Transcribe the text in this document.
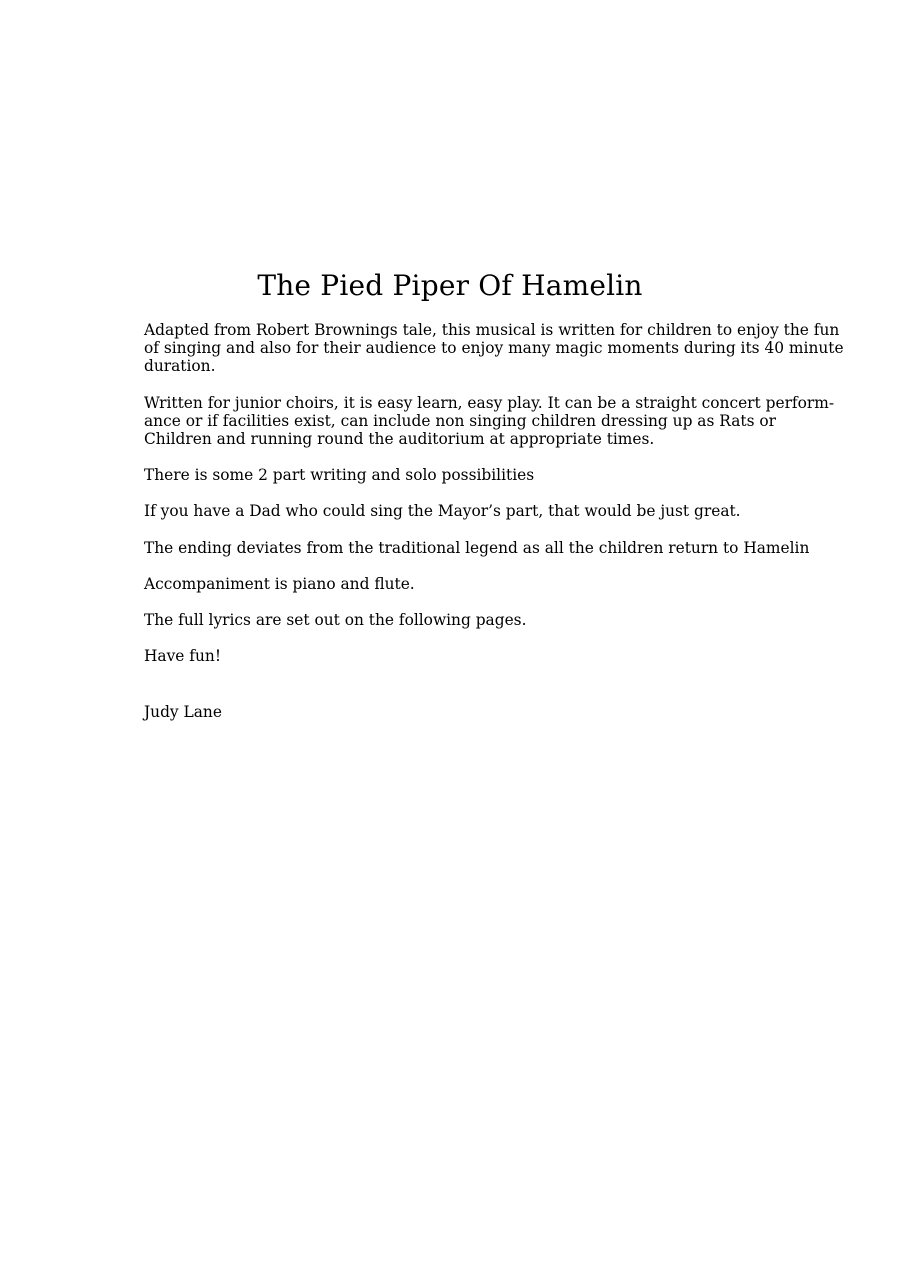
The Pied Piper Of Hamelin

Adapted from Robert Brownings tale, this musical is written for children to enjoy the fun
of singing and also for their audience to enjoy many magic moments during its 40 minute
duration.

Written for junior choirs, it is easy learn, easy play. It can be a straight concert perform-
ance or if facilities exist, can include non singing children dressing up as Rats or
Children and running round the auditorium at appropriate times.

There is some 2 part writing and solo possibilities

If you have a Dad who could sing the Mayor’s part, that would be just great.

The ending deviates from the traditional legend as all the children return to Hamelin

Accompaniment is piano and flute.

The full lyrics are set out on the following pages.

Have fun!

Judy Lane
